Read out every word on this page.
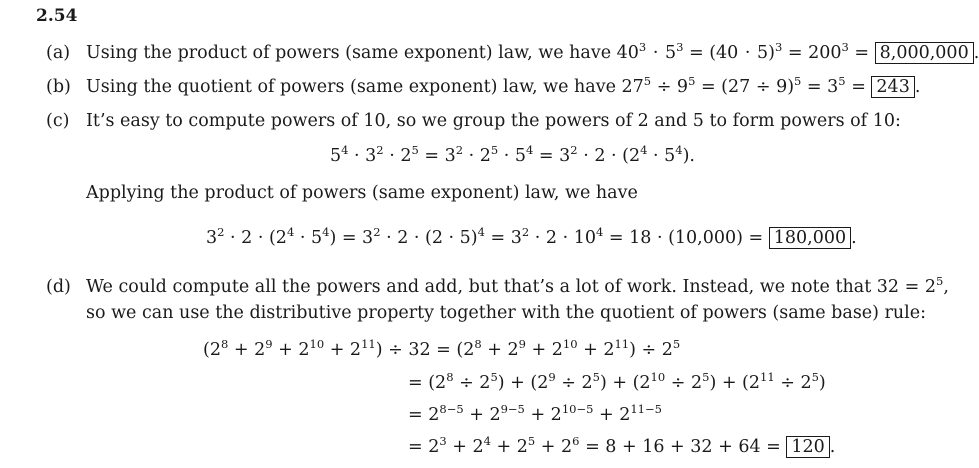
2.54
(a) Using the product of powers (same exponent) law, we have $40^3 \cdot 5^3 = (40 \cdot 5)^3 = 200^3 = 8,000,000$ .
(b) Using the quotient of powers (same exponent) law, we have $27^5 \div 9^5 = (27 \div 9)^5 = 3^5 = 243$ .
(c) It’s easy to compute powers of 10, so we group the powers of 2 and 5 to form powers of 10:
$5^4 \cdot 3^2 \cdot 2^5 = 3^2 \cdot 2^5 \cdot 5^4 = 3^2 \cdot 2 \cdot (2^4 \cdot 5^4)$.
Applying the product of powers (same exponent) law, we have
$3^2 \cdot 2 \cdot (2^4 \cdot 5^4) = 3^2 \cdot 2 \cdot (2 \cdot 5)^4 = 3^2 \cdot 2 \cdot 10^4 = 18 \cdot (10,000) = 180,000$ .
(d) We could compute all the powers and add, but that’s a lot of work. Instead, we note that $32 = 2^5$,
so we can use the distributive property together with the quotient of powers (same base) rule:
$(2^8 + 2^9 + 2^{10} + 2^{11}) \div 32 = (2^8 + 2^9 + 2^{10} + 2^{11}) \div 2^5$
= $(2^8 \div 2^5) + (2^9 \div 2^5) + (2^{10} \div 2^5) + (2^{11} \div 2^5)$
= $2^{8-5} + 2^{9-5} + 2^{10-5} + 2^{11-5}$
= $2^3 + 2^4 + 2^5 + 2^6 = 8 + 16 + 32 + 64 = 120$ .
